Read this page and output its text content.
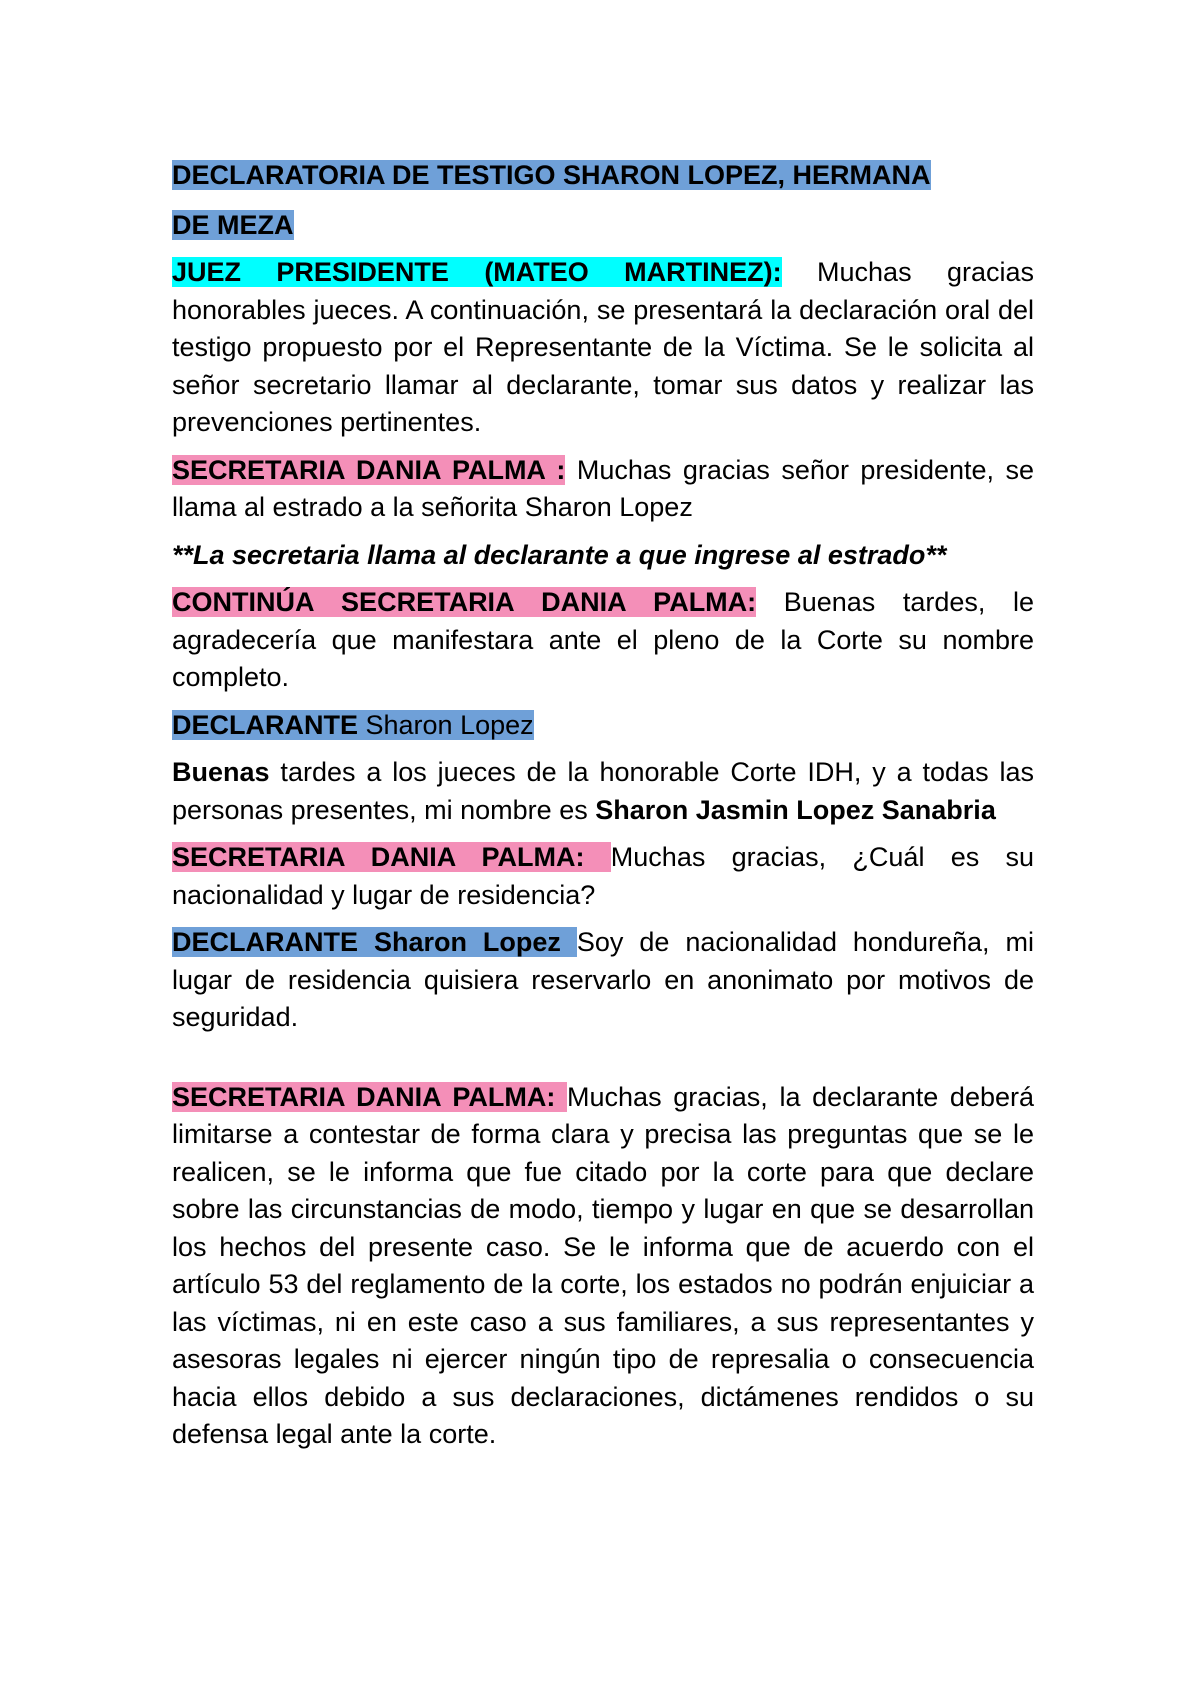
DECLARATORIA DE TESTIGO SHARON LOPEZ, HERMANA
DE MEZA

JUEZ PRESIDENTE (MATEO MARTINEZ): Muchas gracias honorables jueces. A continuación, se presentará la declaración oral del testigo propuesto por el Representante de la Víctima. Se le solicita al señor secretario llamar al declarante, tomar sus datos y realizar las prevenciones pertinentes.

SECRETARIA DANIA PALMA : Muchas gracias señor presidente, se llama al estrado a la señorita Sharon Lopez

**La secretaria llama al declarante a que ingrese al estrado**

CONTINÚA SECRETARIA DANIA PALMA: Buenas tardes, le agradecería que manifestara ante el pleno de la Corte su nombre completo.

DECLARANTE Sharon Lopez

Buenas tardes a los jueces de la honorable Corte IDH, y a todas las personas presentes, mi nombre es Sharon Jasmin Lopez Sanabria

SECRETARIA DANIA PALMA: Muchas gracias, ¿Cuál es su nacionalidad y lugar de residencia?

DECLARANTE Sharon Lopez Soy de nacionalidad hondureña, mi lugar de residencia quisiera reservarlo en anonimato por motivos de seguridad.

SECRETARIA DANIA PALMA: Muchas gracias, la declarante deberá limitarse a contestar de forma clara y precisa las preguntas que se le realicen, se le informa que fue citado por la corte para que declare sobre las circunstancias de modo, tiempo y lugar en que se desarrollan los hechos del presente caso. Se le informa que de acuerdo con el artículo 53 del reglamento de la corte, los estados no podrán enjuiciar a las víctimas, ni en este caso a sus familiares, a sus representantes y asesoras legales ni ejercer ningún tipo de represalia o consecuencia hacia ellos debido a sus declaraciones, dictámenes rendidos o su defensa legal ante la corte.
